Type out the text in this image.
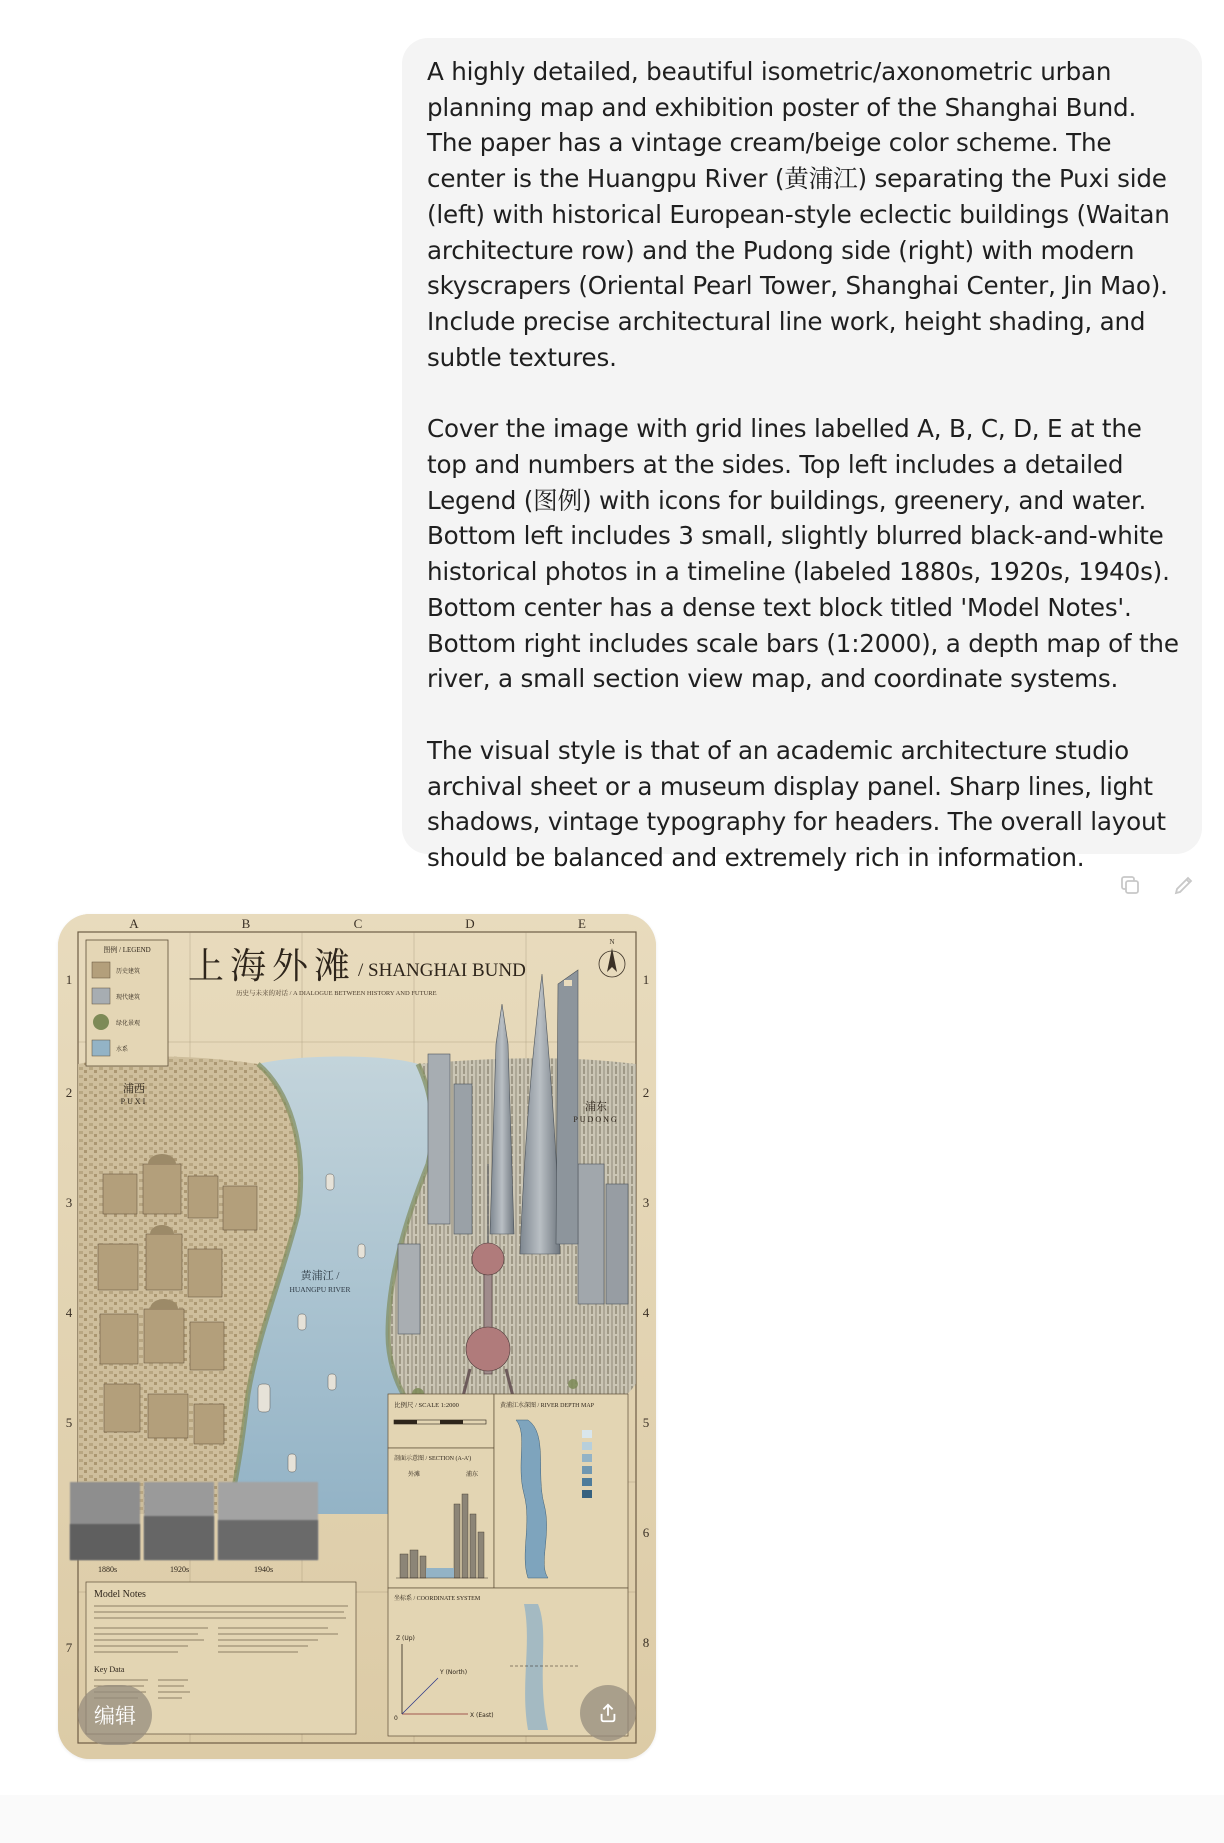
A highly detailed, beautiful isometric/axonometric urban planning map and exhibition poster of the Shanghai Bund. The paper has a vintage cream/beige color scheme. The center is the Huangpu River (黄浦江) separating the Puxi side (left) with historical European-style eclectic buildings (Waitan architecture row) and the Pudong side (right) with modern skyscrapers (Oriental Pearl Tower, Shanghai Center, Jin Mao). Include precise architectural line work, height shading, and subtle textures.

Cover the image with grid lines labelled A, B, C, D, E at the top and numbers at the sides. Top left includes a detailed Legend (图例) with icons for buildings, greenery, and water. Bottom left includes 3 small, slightly blurred black-and-white historical photos in a timeline (labeled 1880s, 1920s, 1940s). Bottom center has a dense text block titled 'Model Notes'. Bottom right includes scale bars (1:2000), a depth map of the river, a small section view map, and coordinate systems.

The visual style is that of an academic architecture studio archival sheet or a museum display panel. Sharp lines, light shadows, vintage typography for headers. The overall layout should be balanced and extremely rich in information.

A	B	C	D	E
1
2
3
4
5
7
1
2
3
4
5
6
8
上海外滩 / SHANGHAI BUND
历史与未来的对话 / A DIALOGUE BETWEEN HISTORY AND FUTURE
N
图例 / LEGEND
历史建筑
现代建筑
绿化景观
水系
浦西
PUXI	浦东
PUDONG
黄浦江 /
HUANGPU RIVER
1880s	1920s	1940s
Model Notes
Key Data
比例尺 / SCALE 1:2000
剖面示意图 / SECTION (A-A')
外滩	浦东
黄浦江水深图 / RIVER DEPTH MAP
坐标系 / COORDINATE SYSTEM
Z (Up)
Y (North)
X (East)
0
编辑
